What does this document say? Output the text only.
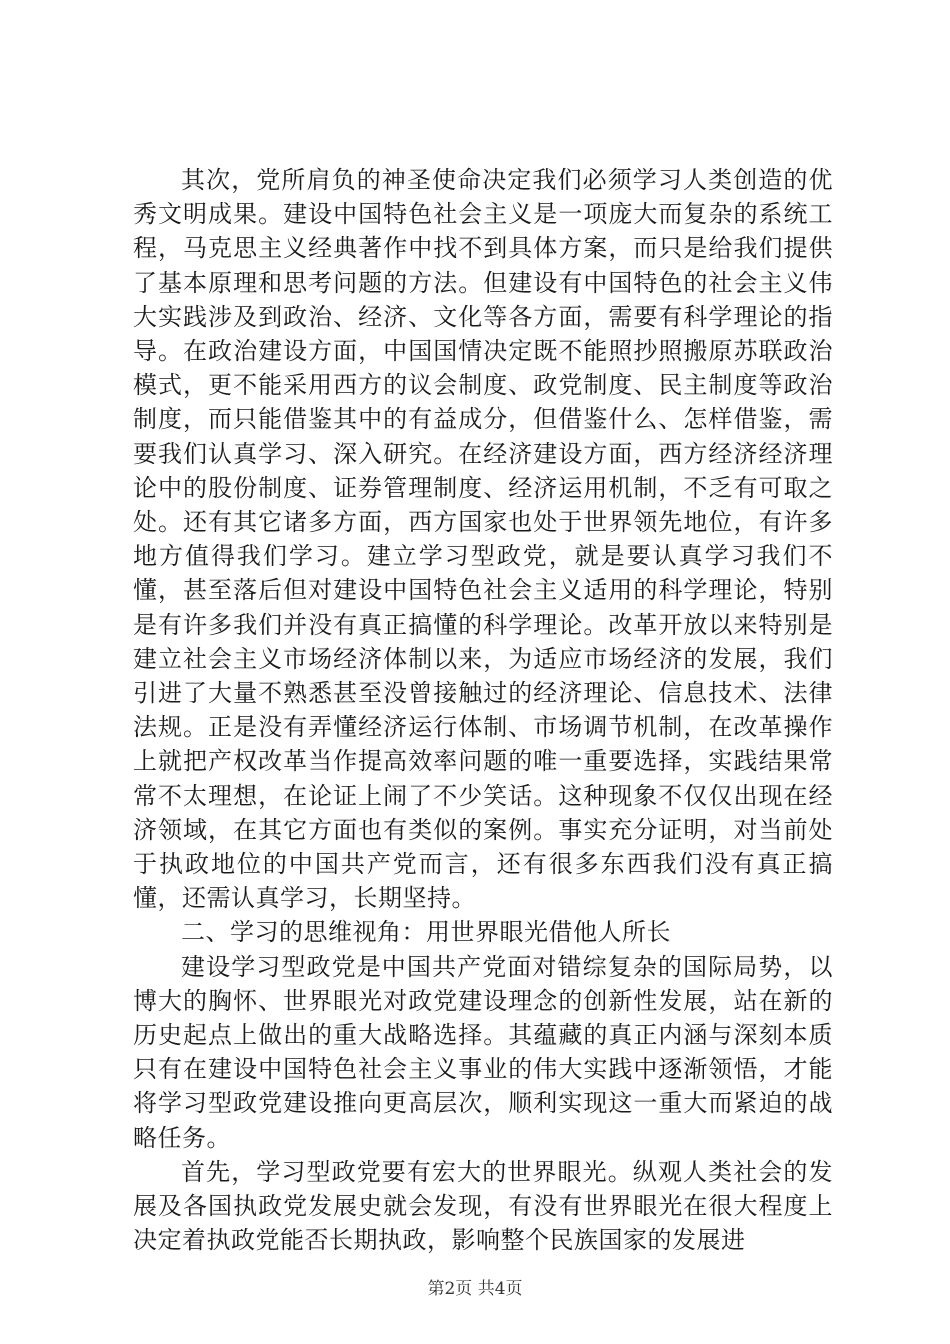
其次，党所肩负的神圣使命决定我们必须学习人类创造的优秀文明成果。建设中国特色社会主义是一项庞大而复杂的系统工程，马克思主义经典著作中找不到具体方案，而只是给我们提供了基本原理和思考问题的方法。但建设有中国特色的社会主义伟大实践涉及到政治、经济、文化等各方面，需要有科学理论的指导。在政治建设方面，中国国情决定既不能照抄照搬原苏联政治模式，更不能采用西方的议会制度、政党制度、民主制度等政治制度，而只能借鉴其中的有益成分，但借鉴什么、怎样借鉴，需要我们认真学习、深入研究。在经济建设方面，西方经济经济理论中的股份制度、证券管理制度、经济运用机制，不乏有可取之处。还有其它诸多方面，西方国家也处于世界领先地位，有许多地方值得我们学习。建立学习型政党，就是要认真学习我们不懂，甚至落后但对建设中国特色社会主义适用的科学理论，特别是有许多我们并没有真正搞懂的科学理论。改革开放以来特别是建立社会主义市场经济体制以来，为适应市场经济的发展，我们引进了大量不熟悉甚至没曾接触过的经济理论、信息技术、法律法规。正是没有弄懂经济运行体制、市场调节机制，在改革操作上就把产权改革当作提高效率问题的唯一重要选择，实践结果常常不太理想，在论证上闹了不少笑话。这种现象不仅仅出现在经济领域，在其它方面也有类似的案例。事实充分证明，对当前处于执政地位的中国共产党而言，还有很多东西我们没有真正搞懂，还需认真学习，长期坚持。

二、学习的思维视角：用世界眼光借他人所长

建设学习型政党是中国共产党面对错综复杂的国际局势，以博大的胸怀、世界眼光对政党建设理念的创新性发展，站在新的历史起点上做出的重大战略选择。其蕴藏的真正内涵与深刻本质只有在建设中国特色社会主义事业的伟大实践中逐渐领悟，才能将学习型政党建设推向更高层次，顺利实现这一重大而紧迫的战略任务。

首先，学习型政党要有宏大的世界眼光。纵观人类社会的发展及各国执政党发展史就会发现，有没有世界眼光在很大程度上决定着执政党能否长期执政，影响整个民族国家的发展进

第2页 共4页
